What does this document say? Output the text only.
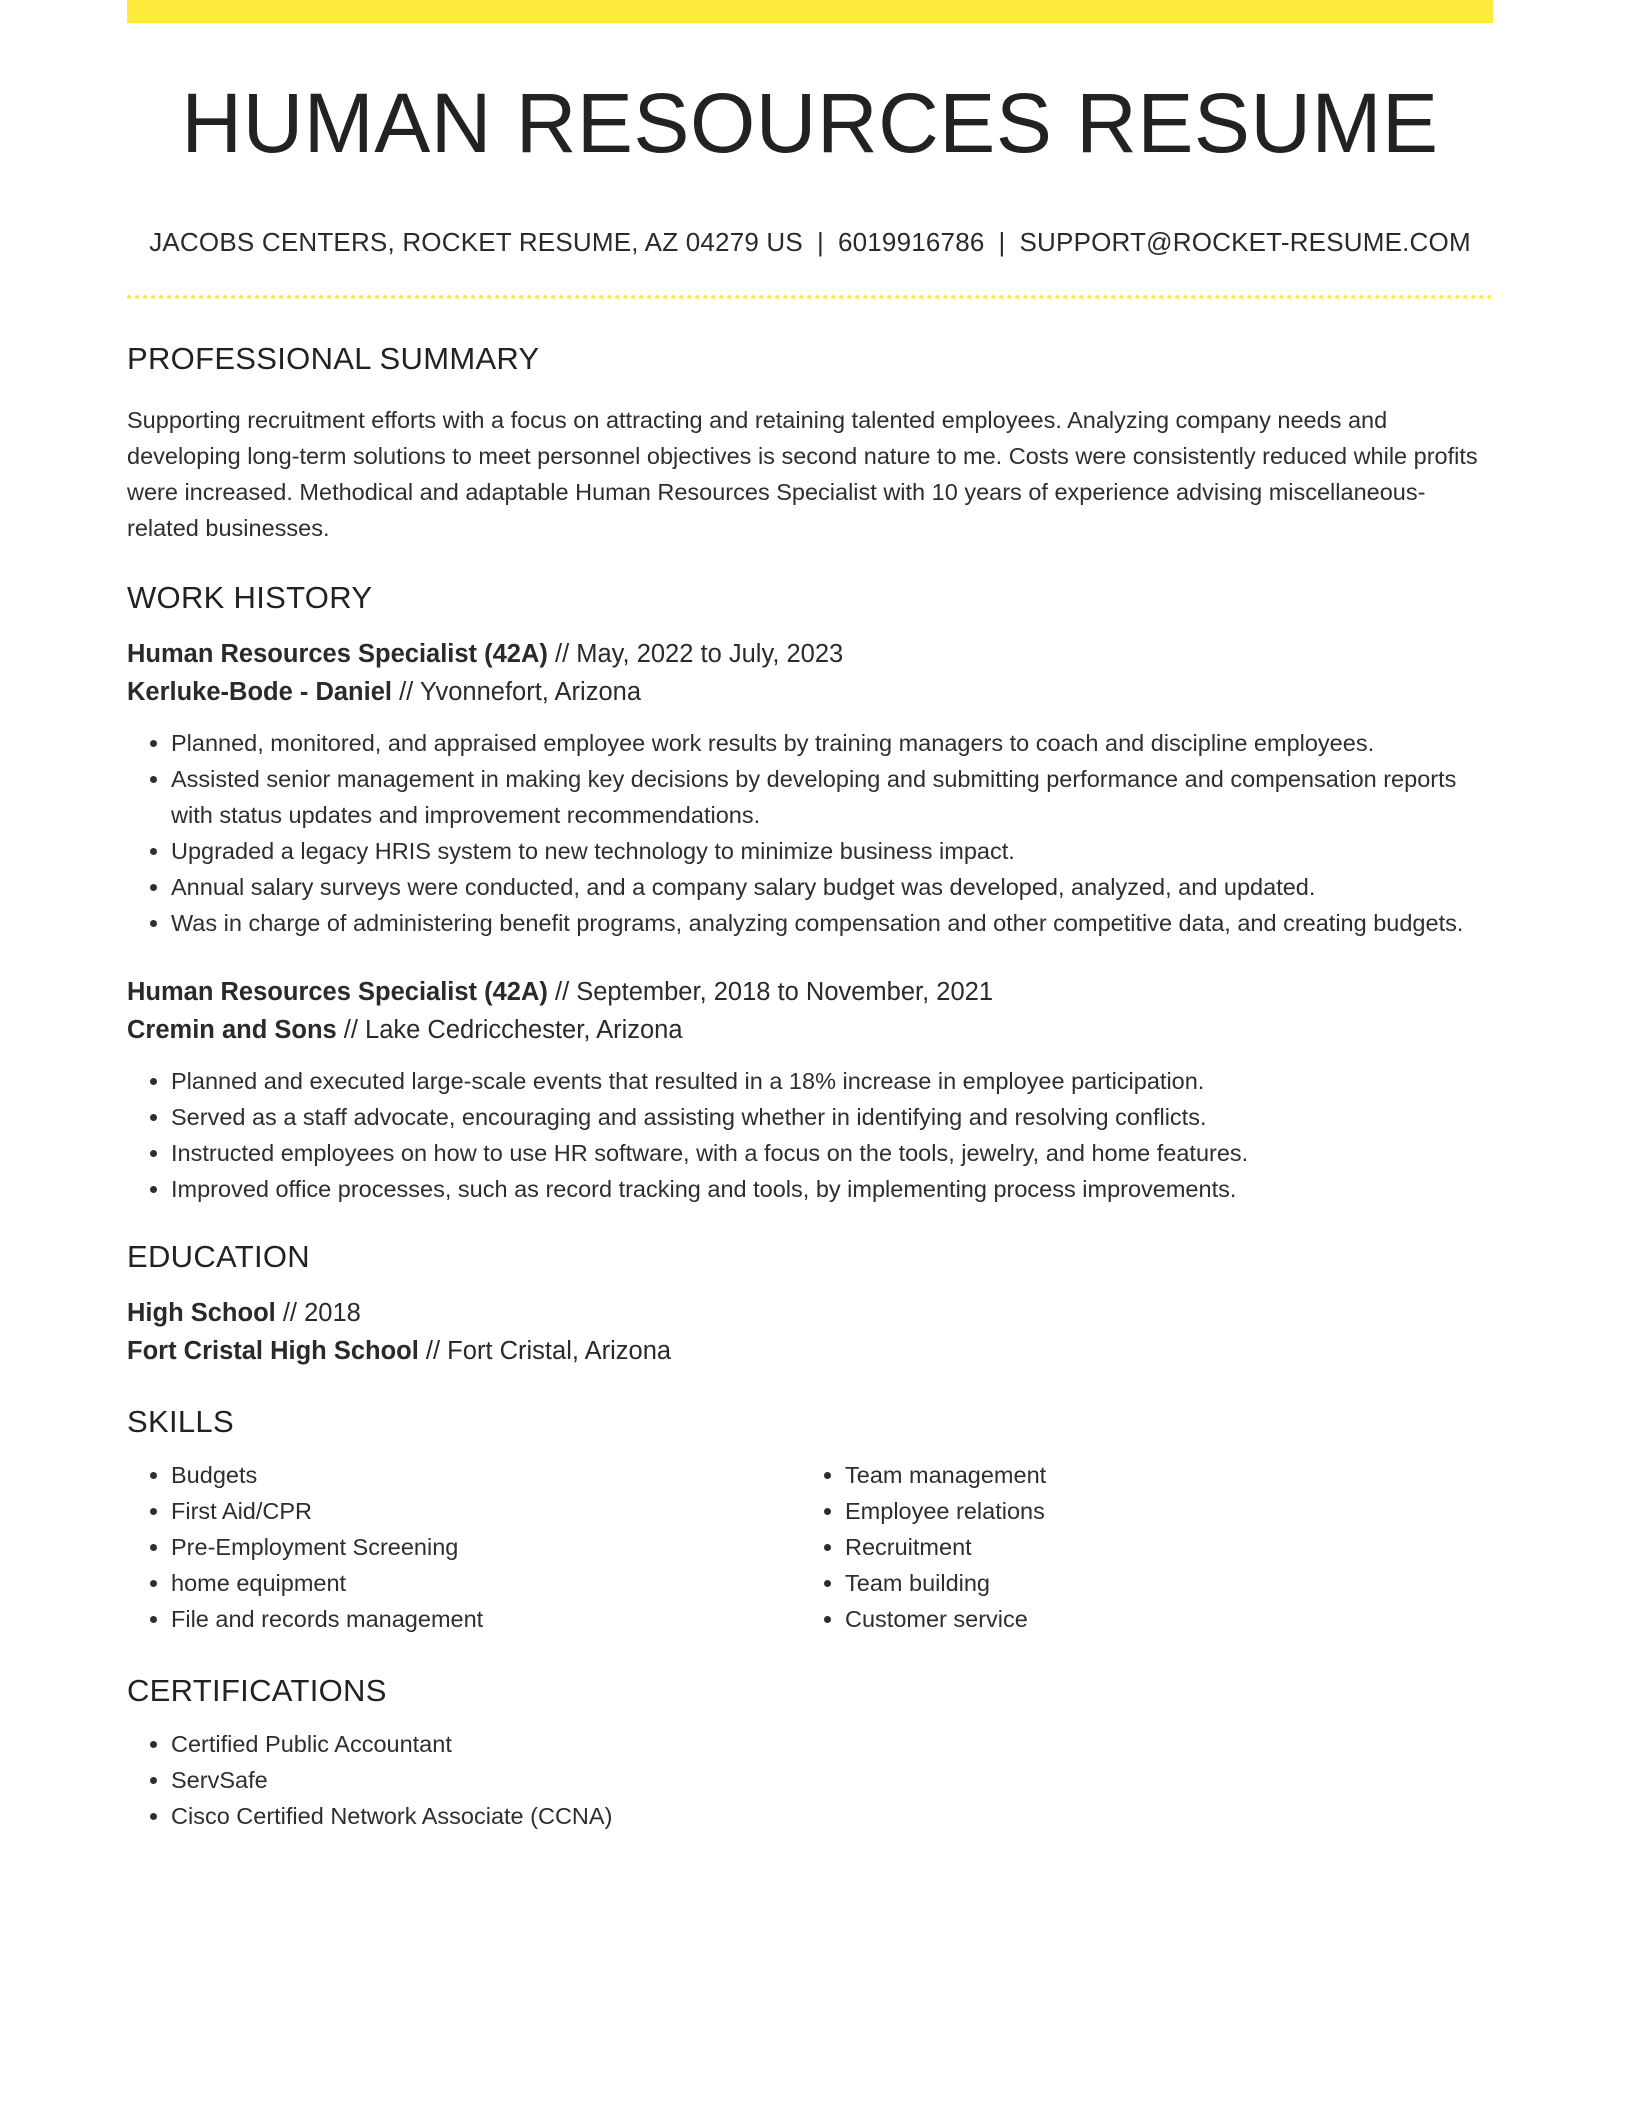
HUMAN RESOURCES RESUME
JACOBS CENTERS, ROCKET RESUME, AZ 04279 US | 6019916786 | SUPPORT@ROCKET-RESUME.COM
PROFESSIONAL SUMMARY

Supporting recruitment efforts with a focus on attracting and retaining talented employees. Analyzing company needs and developing long-term solutions to meet personnel objectives is second nature to me. Costs were consistently reduced while profits were increased. Methodical and adaptable Human Resources Specialist with 10 years of experience advising miscellaneous-related businesses.

WORK HISTORY
Human Resources Specialist (42A) // May, 2022 to July, 2023
Kerluke-Bode - Daniel // Yvonnefort, Arizona
• Planned, monitored, and appraised employee work results by training managers to coach and discipline employees.
• Assisted senior management in making key decisions by developing and submitting performance and compensation reports with status updates and improvement recommendations.
• Upgraded a legacy HRIS system to new technology to minimize business impact.
• Annual salary surveys were conducted, and a company salary budget was developed, analyzed, and updated.
• Was in charge of administering benefit programs, analyzing compensation and other competitive data, and creating budgets.
Human Resources Specialist (42A) // September, 2018 to November, 2021
Cremin and Sons // Lake Cedricchester, Arizona
• Planned and executed large-scale events that resulted in a 18% increase in employee participation.
• Served as a staff advocate, encouraging and assisting whether in identifying and resolving conflicts.
• Instructed employees on how to use HR software, with a focus on the tools, jewelry, and home features.
• Improved office processes, such as record tracking and tools, by implementing process improvements.
EDUCATION
High School // 2018
Fort Cristal High School // Fort Cristal, Arizona
SKILLS
• Budgets
• First Aid/CPR
• Pre-Employment Screening
• home equipment
• File and records management
• Team management
• Employee relations
• Recruitment
• Team building
• Customer service
CERTIFICATIONS
• Certified Public Accountant
• ServSafe
• Cisco Certified Network Associate (CCNA)
